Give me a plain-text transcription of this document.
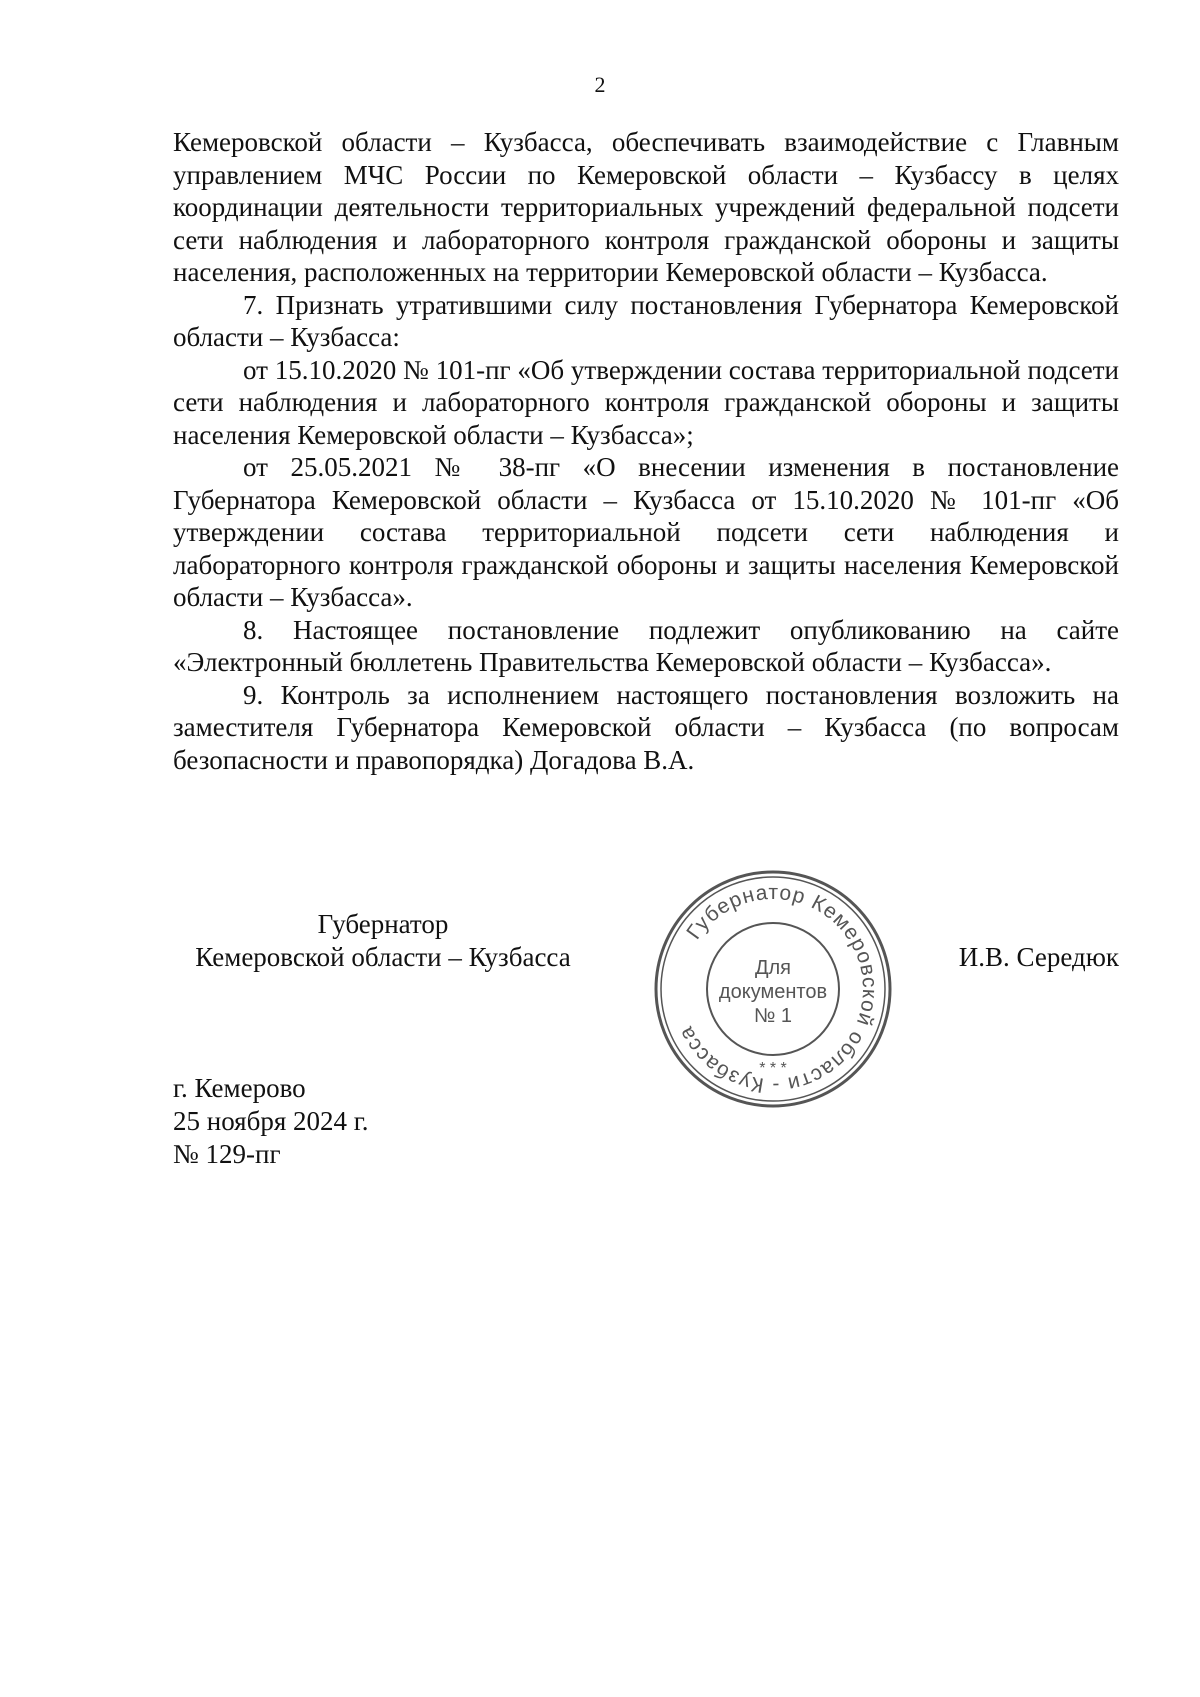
2

Кемеровской области – Кузбасса, обеспечивать взаимодействие с Главным управлением МЧС России по Кемеровской области – Кузбассу в целях координации деятельности территориальных учреждений федеральной подсети сети наблюдения и лабораторного контроля гражданской обороны и защиты населения, расположенных на территории Кемеровской области – Кузбасса.

7. Признать утратившими силу постановления Губернатора Кемеровской области – Кузбасса:

от 15.10.2020 № 101-пг «Об утверждении состава территориальной подсети сети наблюдения и лабораторного контроля гражданской обороны и защиты населения Кемеровской области – Кузбасса»;

от 25.05.2021 № 38-пг «О внесении изменения в постановление Губернатора Кемеровской области – Кузбасса от 15.10.2020 № 101-пг «Об утверждении состава территориальной подсети сети наблюдения и лабораторного контроля гражданской обороны и защиты населения Кемеровской области – Кузбасса».

8. Настоящее постановление подлежит опубликованию на сайте «Электронный бюллетень Правительства Кемеровской области – Кузбасса».

9. Контроль за исполнением настоящего постановления возложить на заместителя Губернатора Кемеровской области – Кузбасса (по вопросам безопасности и правопорядка) Догадова В.А.

Губернатор
Кемеровской области – Кузбасса
Губернатор Кемеровской области - Кузбасса
Для
документов
№ 1
* * *
И.В. Середюк
г. Кемерово
25 ноября 2024 г.
№ 129-пг
